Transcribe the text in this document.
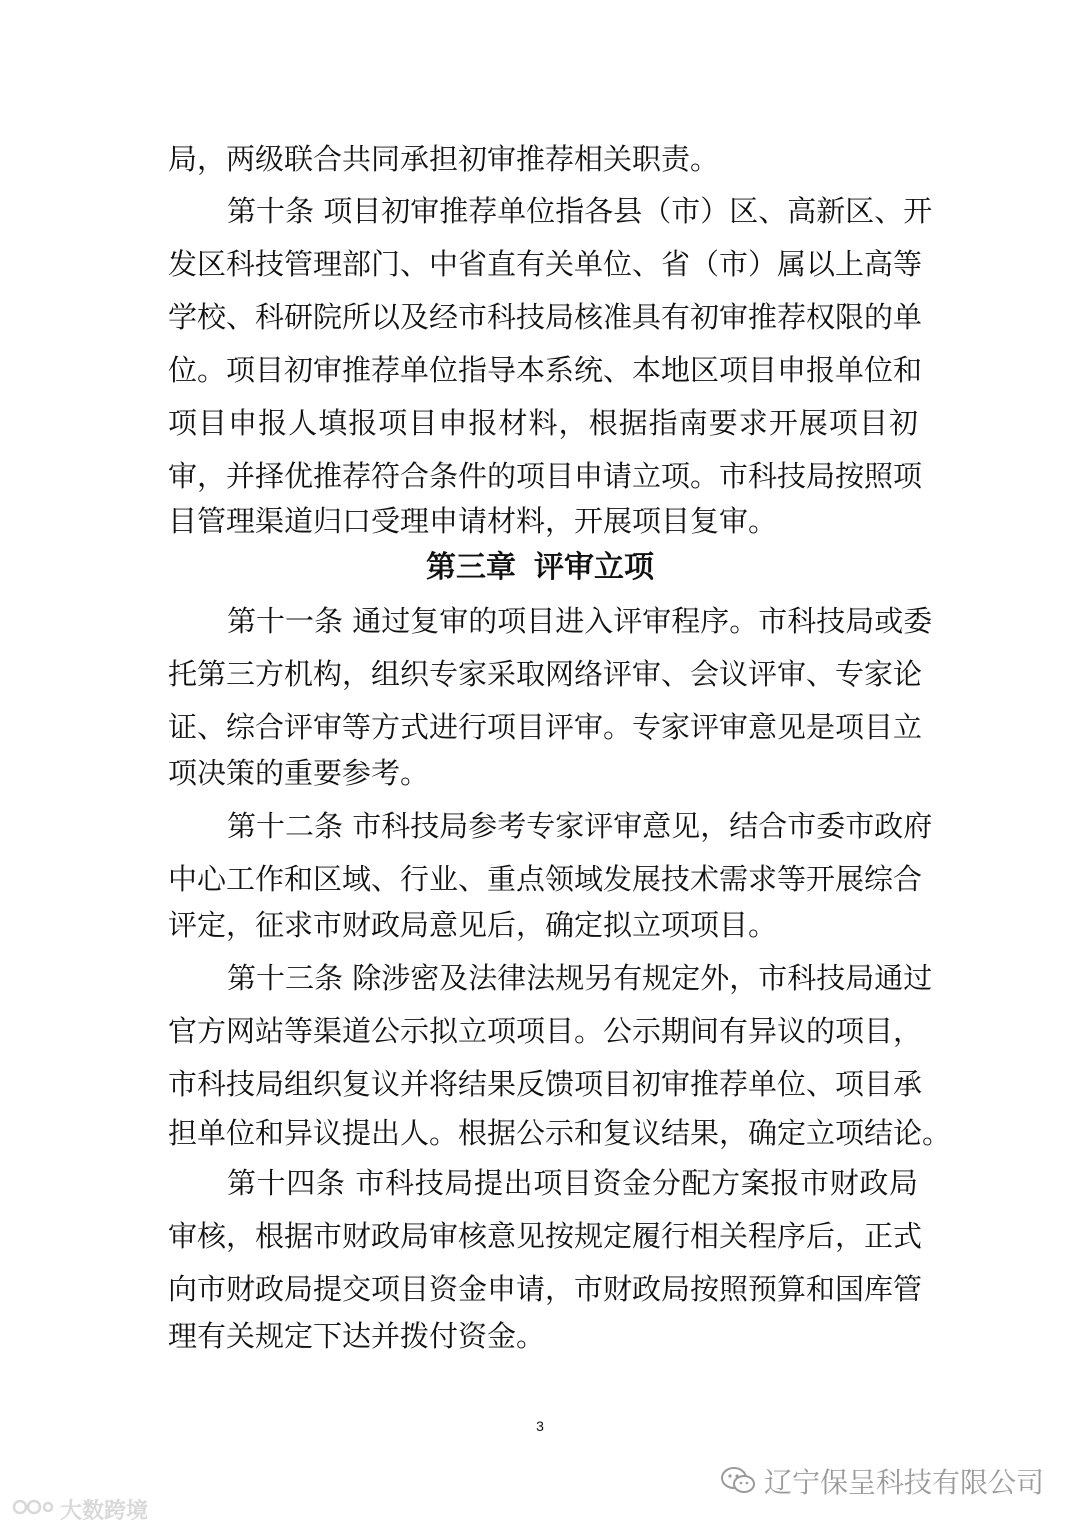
局，两级联合共同承担初审推荐相关职责。
第十条 项目初审推荐单位指各县（市）区、高新区、开
发区科技管理部门、中省直有关单位、省（市）属以上高等
学校、科研院所以及经市科技局核准具有初审推荐权限的单
位。项目初审推荐单位指导本系统、本地区项目申报单位和
项目申报人填报项目申报材料，根据指南要求开展项目初
审，并择优推荐符合条件的项目申请立项。市科技局按照项
目管理渠道归口受理申请材料，开展项目复审。
第三章 评审立项
第十一条 通过复审的项目进入评审程序。市科技局或委
托第三方机构，组织专家采取网络评审、会议评审、专家论
证、综合评审等方式进行项目评审。专家评审意见是项目立
项决策的重要参考。
第十二条 市科技局参考专家评审意见，结合市委市政府
中心工作和区域、行业、重点领域发展技术需求等开展综合
评定，征求市财政局意见后，确定拟立项项目。
第十三条 除涉密及法律法规另有规定外，市科技局通过
官方网站等渠道公示拟立项项目。公示期间有异议的项目，
市科技局组织复议并将结果反馈项目初审推荐单位、项目承
担单位和异议提出人。根据公示和复议结果，确定立项结论。
第十四条 市科技局提出项目资金分配方案报市财政局
审核，根据市财政局审核意见按规定履行相关程序后，正式
向市财政局提交项目资金申请，市财政局按照预算和国库管
理有关规定下达并拨付资金。
3
辽宁保呈科技有限公司
大数跨境
